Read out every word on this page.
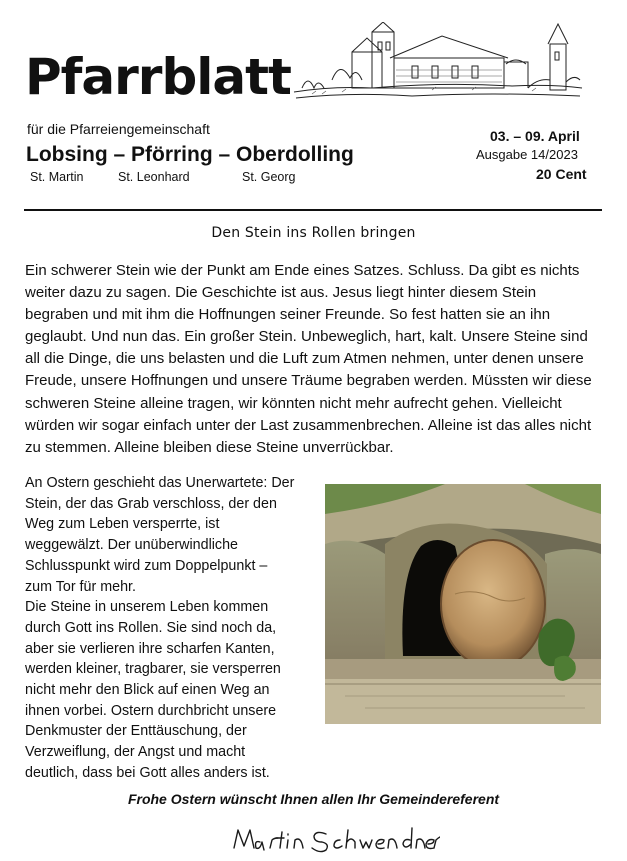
Pfarrblatt
für die Pfarreiengemeinschaft
Lobsing – Pförring – Oberdolling
St. Martin	St. Leonhard	St. Georg
03. – 09. April
Ausgabe 14/2023
20 Cent
Den Stein ins Rollen bringen
Ein schwerer Stein wie der Punkt am Ende eines Satzes. Schluss. Da gibt es nichts weiter dazu zu sagen. Die Geschichte ist aus. Jesus liegt hinter diesem Stein begraben und mit ihm die Hoffnungen seiner Freunde. So fest hatten sie an ihn geglaubt. Und nun das. Ein großer Stein. Unbeweglich, hart, kalt. Unsere Steine sind all die Dinge, die uns belasten und die Luft zum Atmen nehmen, unter denen unsere Freude, unsere Hoffnungen und unsere Träume begraben werden. Müssten wir diese schweren Steine alleine tragen, wir könnten nicht mehr aufrecht gehen. Vielleicht würden wir sogar einfach unter der Last zusammenbrechen. Alleine ist das alles nicht zu stemmen. Alleine bleiben diese Steine unverrückbar.
An Ostern geschieht das Unerwartete: Der Stein, der das Grab verschloss, der den Weg zum Leben versperrte, ist weggewälzt. Der unüberwindliche Schlusspunkt wird zum Doppelpunkt – zum Tor für mehr.
Die Steine in unserem Leben kommen durch Gott ins Rollen. Sie sind noch da, aber sie verlieren ihre scharfen Kanten, werden kleiner, tragbarer, sie versperren nicht mehr den Blick auf einen Weg an ihnen vorbei. Ostern durchbricht unsere Denkmuster der Enttäuschung, der Verzweiflung, der Angst und macht deutlich, dass bei Gott alles anders ist.
Frohe Ostern wünscht Ihnen allen Ihr Gemeindereferent
